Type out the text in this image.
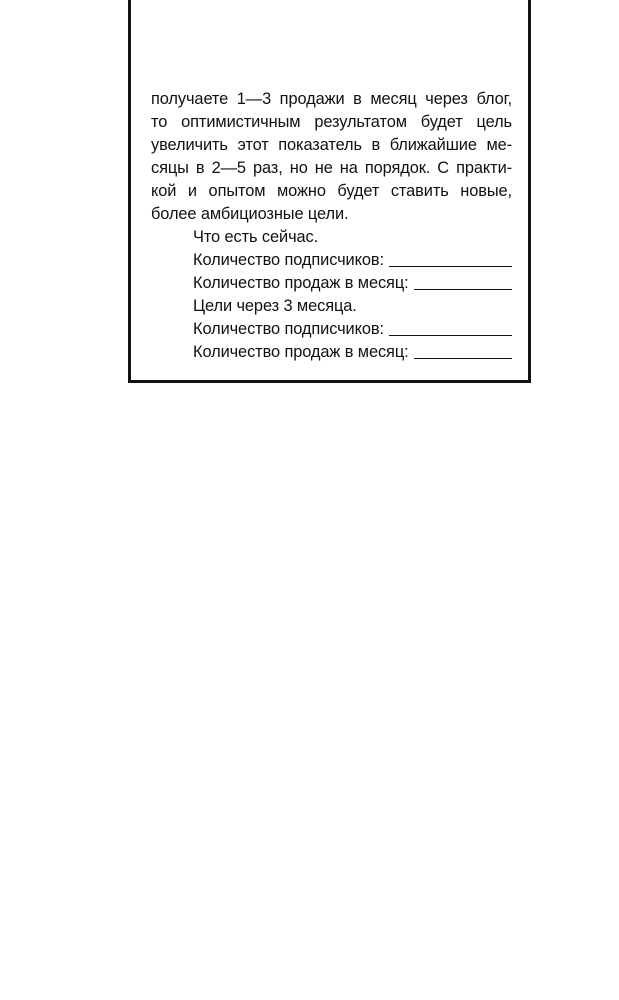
получаете 1—3 продажи в месяц через блог,

то оптимистичным результатом будет цель

увеличить этот показатель в ближайшие ме-

сяцы в 2—5 раз, но не на порядок. С практи-

кой и опытом можно будет ставить новые,

более амбициозные цели.

Что есть сейчас.
Количество подписчиков:
Количество продаж в месяц:
Цели через 3 месяца.
Количество подписчиков:
Количество продаж в месяц:
